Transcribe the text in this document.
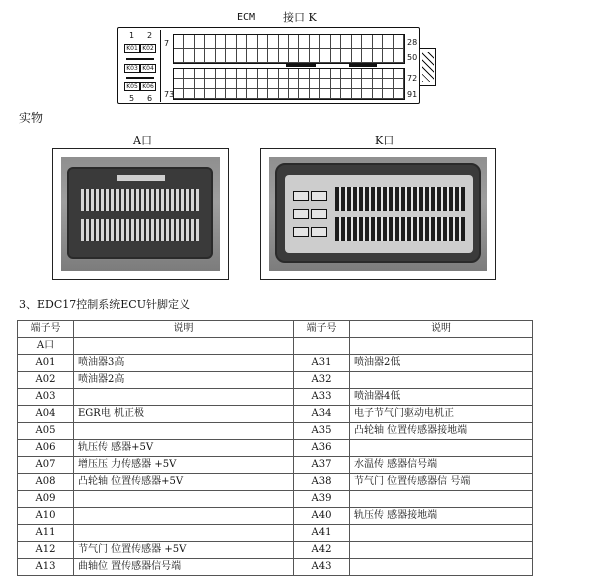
ECM	接口 K
1 2
K01 K02
K03 K04
K05 K06
5 6
7	28
50
72
73	91
实物
A口	K口
3、EDC17控制系统ECU针脚定义
端子号	说明	端子号	说明
A口			
A01	喷油器3高	A31	喷油器2低
A02	喷油器2高	A32	
A03		A33	喷油器4低
A04	EGR电 机正极	A34	电子节气门驱动电机正
A05		A35	凸轮轴 位置传感器接地端
A06	轨压传 感器+5V	A36	
A07	增压压 力传感器 +5V	A37	水温传 感器信号端
A08	凸轮轴 位置传感器+5V	A38	节气门 位置传感器信 号端
A09		A39	
A10		A40	轨压传 感器接地端
A11		A41	
A12	节气门 位置传感器 +5V	A42	
A13	曲轴位 置传感器信号端	A43	
